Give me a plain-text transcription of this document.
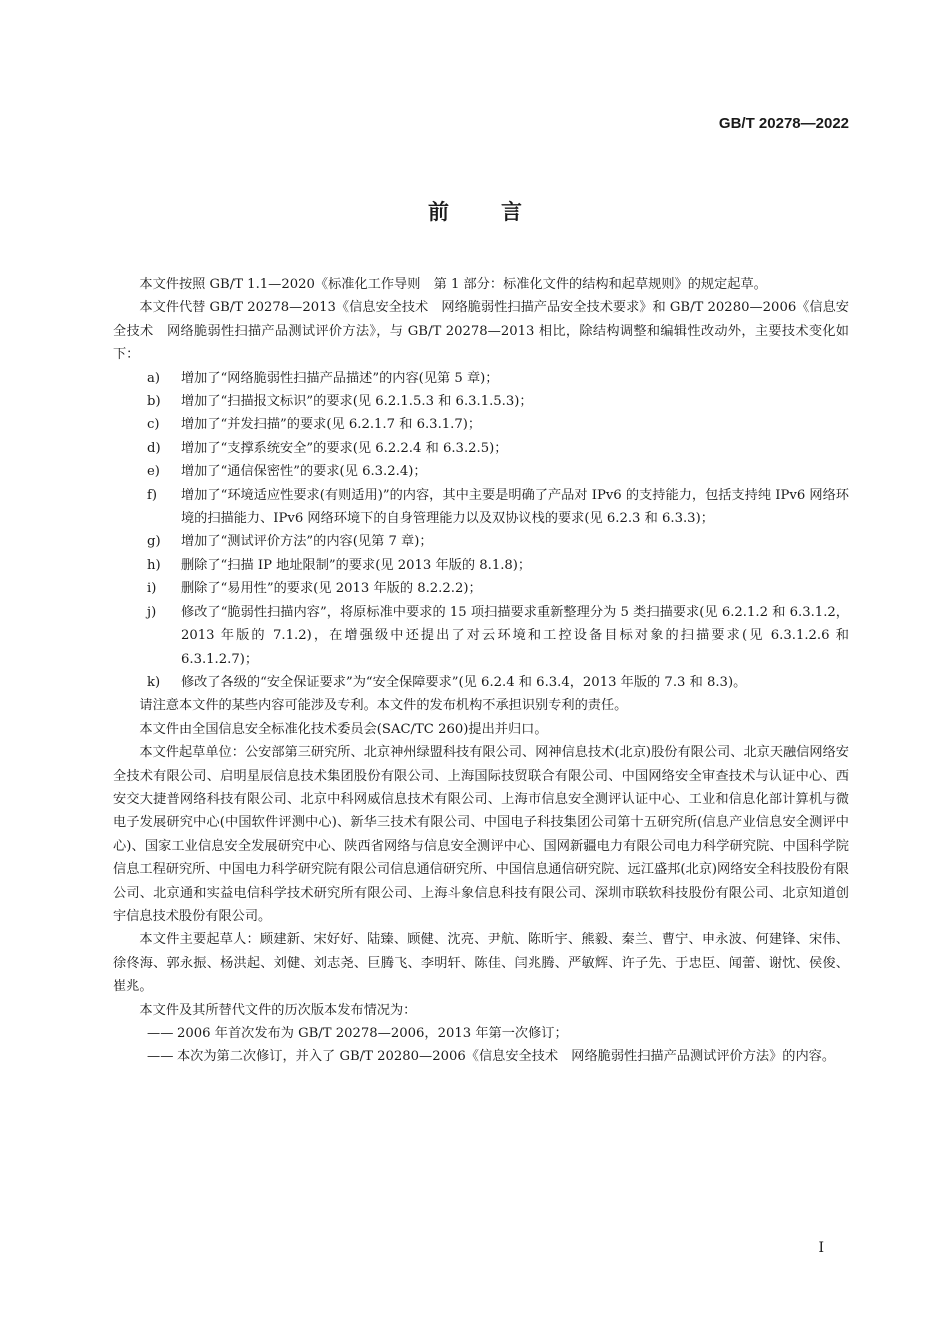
GB/T 20278—2022
前言

本文件按照 GB/T 1.1—2020《标准化工作导则　第 1 部分：标准化文件的结构和起草规则》的规定起草。

本文件代替 GB/T 20278—2013《信息安全技术　网络脆弱性扫描产品安全技术要求》和 GB/T 20280—2006《信息安全技术　网络脆弱性扫描产品测试评价方法》，与 GB/T 20278—2013 相比，除结构调整和编辑性改动外，主要技术变化如下：

a)	增加了“网络脆弱性扫描产品描述”的内容(见第 5 章)；
b)	增加了“扫描报文标识”的要求(见 6.2.1.5.3 和 6.3.1.5.3)；
c)	增加了“并发扫描”的要求(见 6.2.1.7 和 6.3.1.7)；
d)	增加了“支撑系统安全”的要求(见 6.2.2.4 和 6.3.2.5)；
e)	增加了“通信保密性”的要求(见 6.3.2.4)；
f)	增加了“环境适应性要求(有则适用)”的内容，其中主要是明确了产品对 IPv6 的支持能力，包括支持纯 IPv6 网络环境的扫描能力、IPv6 网络环境下的自身管理能力以及双协议栈的要求(见 6.2.3 和 6.3.3)；
g)	增加了“测试评价方法”的内容(见第 7 章)；
h)	删除了“扫描 IP 地址限制”的要求(见 2013 年版的 8.1.8)；
i)	删除了“易用性”的要求(见 2013 年版的 8.2.2.2)；
j)	修改了“脆弱性扫描内容”，将原标准中要求的 15 项扫描要求重新整理分为 5 类扫描要求(见 6.2.1.2 和 6.3.1.2，2013 年版的 7.1.2)，在增强级中还提出了对云环境和工控设备目标对象的扫描要求(见 6.3.1.2.6 和 6.3.1.2.7)；
k)	修改了各级的“安全保证要求”为“安全保障要求”(见 6.2.4 和 6.3.4，2013 年版的 7.3 和 8.3)。

请注意本文件的某些内容可能涉及专利。本文件的发布机构不承担识别专利的责任。

本文件由全国信息安全标准化技术委员会(SAC/TC 260)提出并归口。

本文件起草单位：公安部第三研究所、北京神州绿盟科技有限公司、网神信息技术(北京)股份有限公司、北京天融信网络安全技术有限公司、启明星辰信息技术集团股份有限公司、上海国际技贸联合有限公司、中国网络安全审查技术与认证中心、西安交大捷普网络科技有限公司、北京中科网威信息技术有限公司、上海市信息安全测评认证中心、工业和信息化部计算机与微电子发展研究中心(中国软件评测中心)、新华三技术有限公司、中国电子科技集团公司第十五研究所(信息产业信息安全测评中心)、国家工业信息安全发展研究中心、陕西省网络与信息安全测评中心、国网新疆电力有限公司电力科学研究院、中国科学院信息工程研究所、中国电力科学研究院有限公司信息通信研究所、中国信息通信研究院、远江盛邦(北京)网络安全科技股份有限公司、北京通和实益电信科学技术研究所有限公司、上海斗象信息科技有限公司、深圳市联软科技股份有限公司、北京知道创宇信息技术股份有限公司。

本文件主要起草人：顾建新、宋好好、陆臻、顾健、沈亮、尹航、陈昕宇、熊毅、秦兰、曹宁、申永波、何建锋、宋伟、徐佟海、郭永振、杨洪起、刘健、刘志尧、巨腾飞、李明轩、陈佳、闫兆腾、严敏辉、许子先、于忠臣、闻蕾、谢忱、侯俊、崔兆。

本文件及其所替代文件的历次版本发布情况为：

—— 2006 年首次发布为 GB/T 20278—2006，2013 年第一次修订；
—— 本次为第二次修订，并入了 GB/T 20280—2006《信息安全技术　网络脆弱性扫描产品测试评价方法》的内容。
I
